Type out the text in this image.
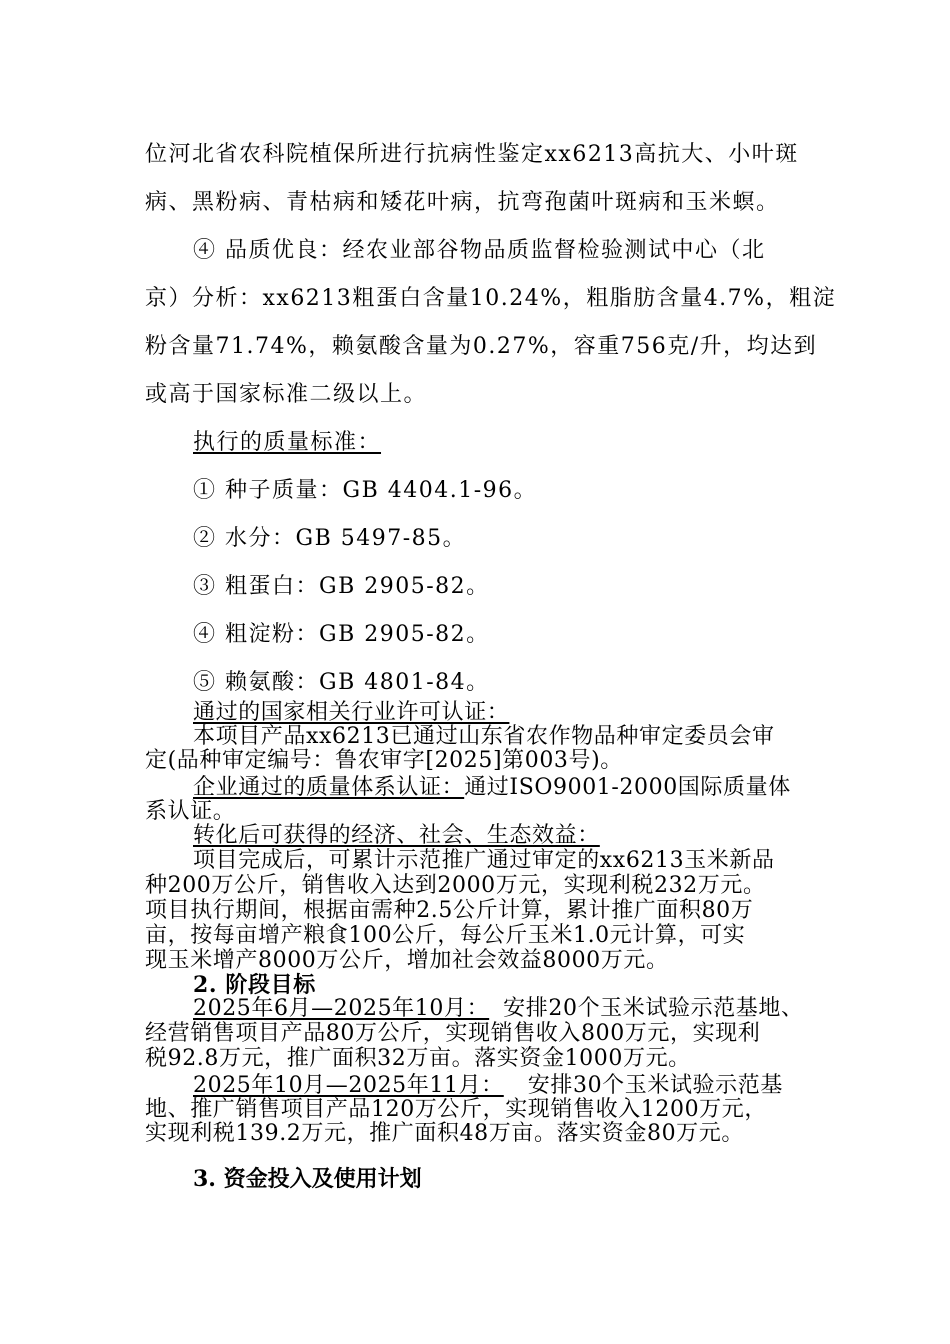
位河北省农科院植保所进行抗病性鉴定xx6213高抗大、小叶斑
病、黑粉病、青枯病和矮花叶病，抗弯孢菌叶斑病和玉米螟。
④ 品质优良：经农业部谷物品质监督检验测试中心（北
京）分析：xx6213粗蛋白含量10.24%，粗脂肪含量4.7%，粗淀
粉含量71.74%，赖氨酸含量为0.27%，容重756克/升，均达到
或高于国家标准二级以上。
执行的质量标准：
① 种子质量：GB 4404.1-96。
② 水分：GB 5497-85。
③ 粗蛋白：GB 2905-82。
④ 粗淀粉：GB 2905-82。
⑤ 赖氨酸：GB 4801-84。
通过的国家相关行业许可认证：
本项目产品xx6213已通过山东省农作物品种审定委员会审
定(品种审定编号：鲁农审字[2025]第003号)。
企业通过的质量体系认证：通过ISO9001-2000国际质量体
系认证。
转化后可获得的经济、社会、生态效益：
项目完成后，可累计示范推广通过审定的xx6213玉米新品
种200万公斤，销售收入达到2000万元，实现利税232万元。
项目执行期间，根据亩需种2.5公斤计算，累计推广面积80万
亩，按每亩增产粮食100公斤，每公斤玉米1.0元计算，可实
现玉米增产8000万公斤，增加社会效益8000万元。
2. 阶段目标
2025年6月—2025年10月： 安排20个玉米试验示范基地、
经营销售项目产品80万公斤，实现销售收入800万元，实现利
税92.8万元，推广面积32万亩。落实资金1000万元。
2025年10月—2025年11月： 安排30个玉米试验示范基
地、推广销售项目产品120万公斤，实现销售收入1200万元，
实现利税139.2万元，推广面积48万亩。落实资金80万元。
3. 资金投入及使用计划
